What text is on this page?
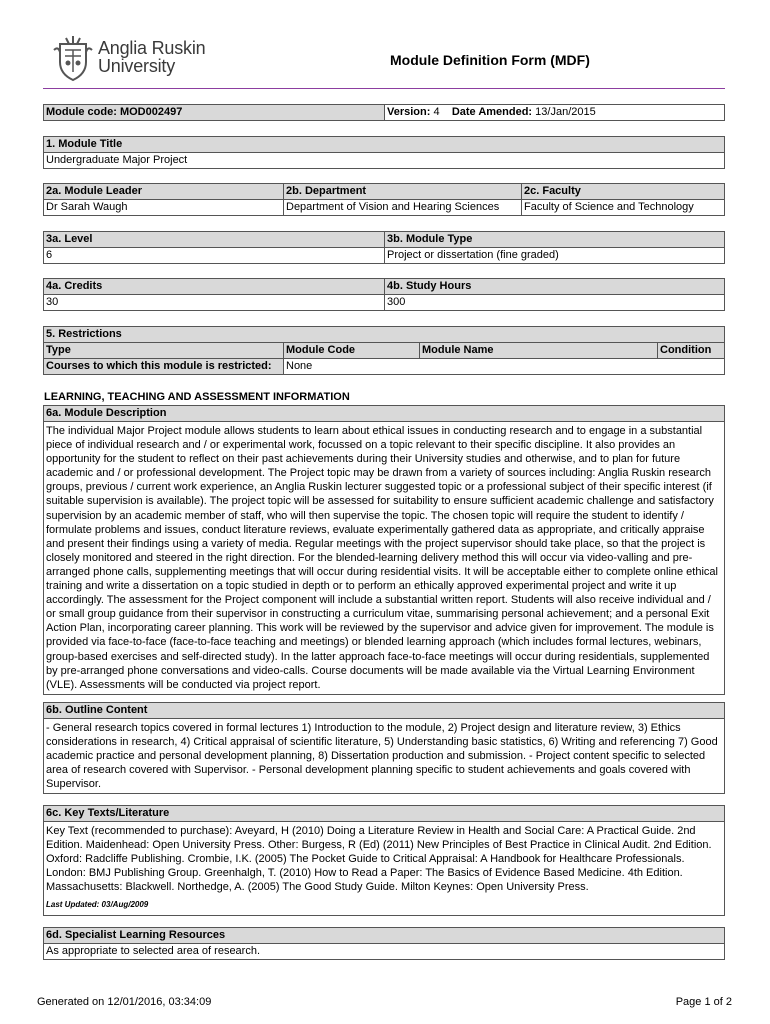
Anglia Ruskin
University	Module Definition Form (MDF)
Module code: MOD002497	Version: 4 Date Amended: 13/Jan/2015
1. Module Title
Undergraduate Major Project
2a. Module Leader	2b. Department	2c. Faculty
Dr Sarah Waugh	Department of Vision and Hearing Sciences	Faculty of Science and Technology
3a. Level	3b. Module Type
6	Project or dissertation (fine graded)
4a. Credits	4b. Study Hours
30	300
5. Restrictions			
Type	Module Code	Module Name	Condition
Courses to which this module is restricted:	None		
LEARNING, TEACHING AND ASSESSMENT INFORMATION
6a. Module Description
The individual Major Project module allows students to learn about ethical issues in conducting research and to engage in a substantial piece of individual research and / or experimental work, focussed on a topic relevant to their specific discipline. It also provides an opportunity for the student to reflect on their past achievements during their University studies and otherwise, and to plan for future academic and / or professional development. The Project topic may be drawn from a variety of sources including: Anglia Ruskin research groups, previous / current work experience, an Anglia Ruskin lecturer suggested topic or a professional subject of their specific interest (if suitable supervision is available). The project topic will be assessed for suitability to ensure sufficient academic challenge and satisfactory supervision by an academic member of staff, who will then supervise the topic. The chosen topic will require the student to identify / formulate problems and issues, conduct literature reviews, evaluate experimentally gathered data as appropriate, and critically appraise and present their findings using a variety of media. Regular meetings with the project supervisor should take place, so that the project is closely monitored and steered in the right direction. For the blended-learning delivery method this will occur via video-valling and pre-arranged phone calls, supplementing meetings that will occur during residential visits. It will be acceptable either to complete online ethical training and write a dissertation on a topic studied in depth or to perform an ethically approved experimental project and write it up accordingly. The assessment for the Project component will include a substantial written report. Students will also receive individual and / or small group guidance from their supervisor in constructing a curriculum vitae, summarising personal achievement; and a personal Exit Action Plan, incorporating career planning. This work will be reviewed by the supervisor and advice given for improvement. The module is provided via face-to-face (face-to-face teaching and meetings) or blended learning approach (which includes formal lectures, webinars, group-based exercises and self-directed study). In the latter approach face-to-face meetings will occur during residentials, supplemented by pre-arranged phone conversations and video-calls. Course documents will be made available via the Virtual Learning Environment (VLE). Assessments will be conducted via project report.
6b. Outline Content
- General research topics covered in formal lectures 1) Introduction to the module, 2) Project design and literature review, 3) Ethics considerations in research, 4) Critical appraisal of scientific literature, 5) Understanding basic statistics, 6) Writing and referencing 7) Good academic practice and personal development planning, 8) Dissertation production and submission. - Project content specific to selected area of research covered with Supervisor. - Personal development planning specific to student achievements and goals covered with Supervisor.
6c. Key Texts/Literature

Key Text (recommended to purchase): Aveyard, H (2010) Doing a Literature Review in Health and Social Care: A Practical Guide. 2nd Edition. Maidenhead: Open University Press. Other: Burgess, R (Ed) (2011) New Principles of Best Practice in Clinical Audit. 2nd Edition. Oxford: Radcliffe Publishing. Crombie, I.K. (2005) The Pocket Guide to Critical Appraisal: A Handbook for Healthcare Professionals. London: BMJ Publishing Group. Greenhalgh, T. (2010) How to Read a Paper: The Basics of Evidence Based Medicine. 4th Edition. Massachusetts: Blackwell. Northedge, A. (2005) The Good Study Guide. Milton Keynes: Open University Press.
Last Updated: 03/Aug/2009
6d. Specialist Learning Resources
As appropriate to selected area of research.
Generated on 12/01/2016, 03:34:09	Page 1 of 2
